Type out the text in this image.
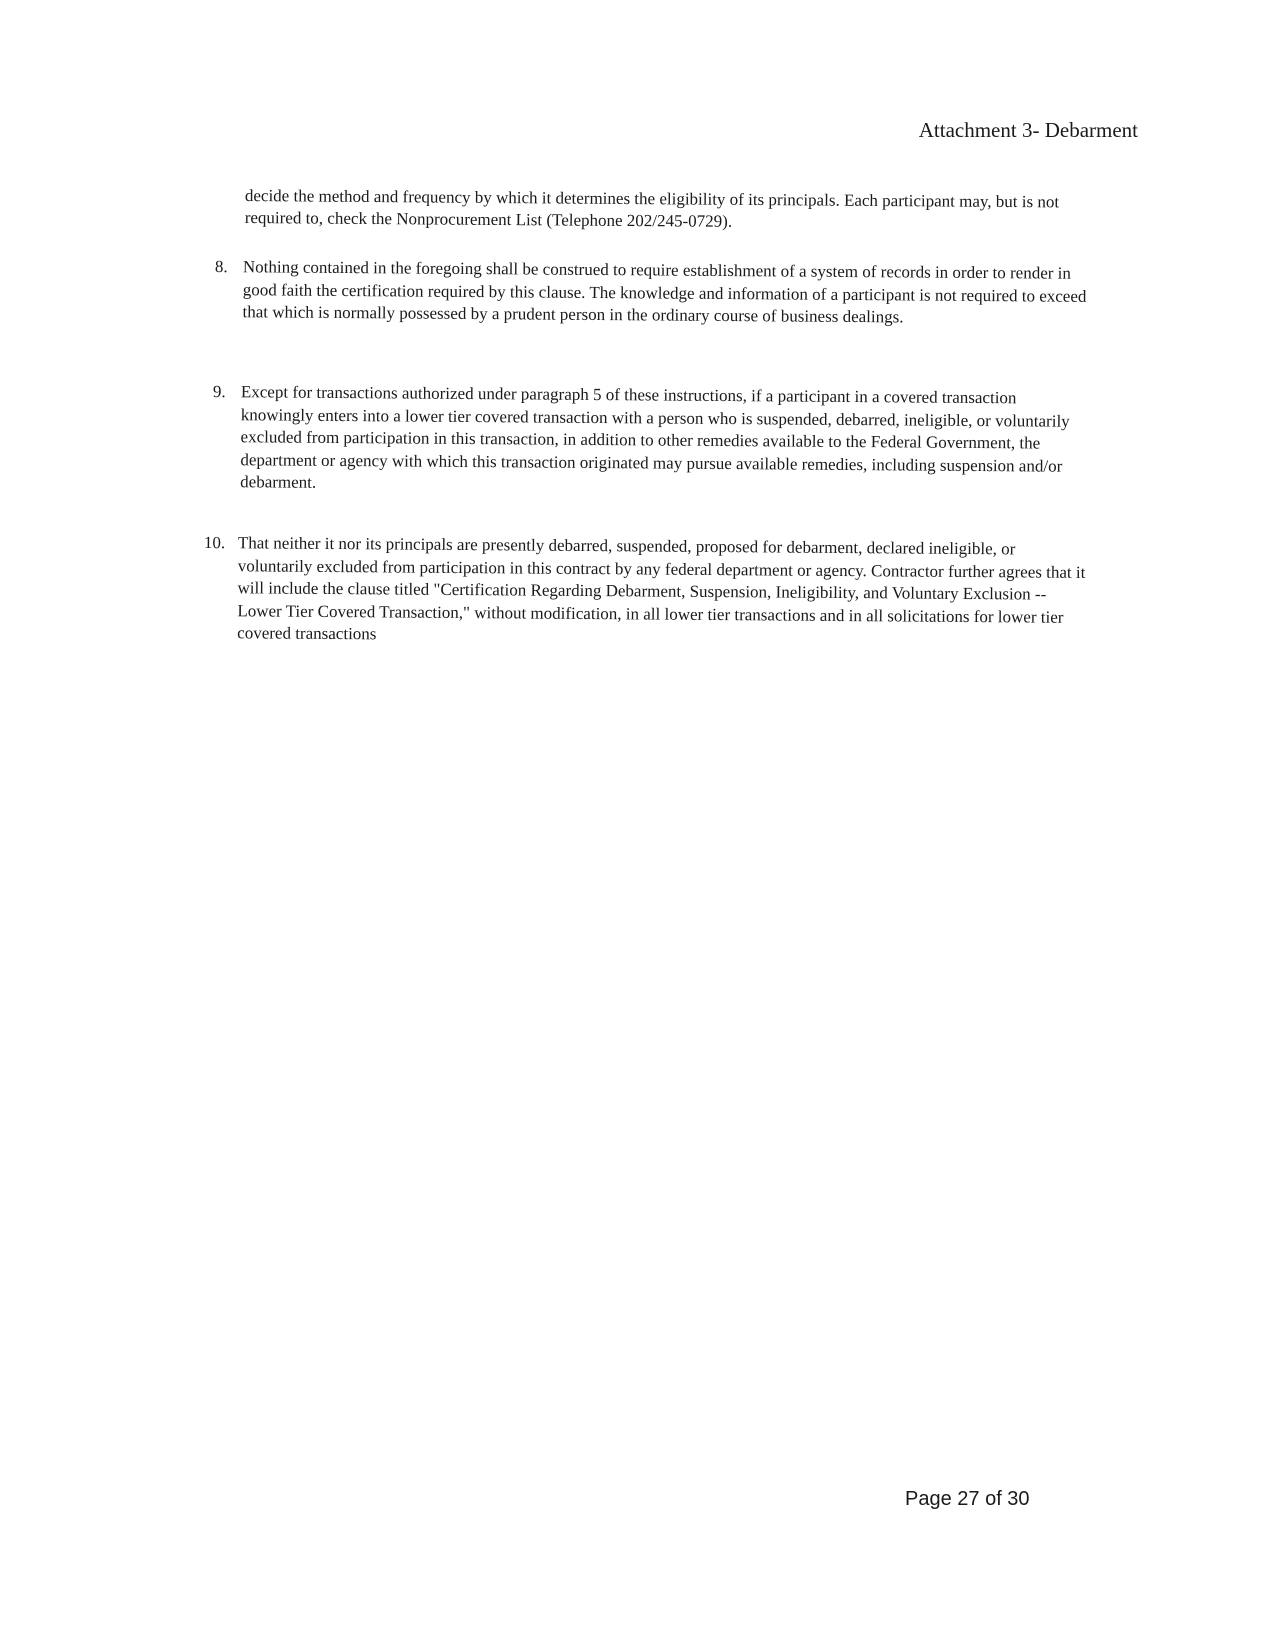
Attachment 3- Debarment
decide the method and frequency by which it determines the eligibility of its principals. Each participant may, but is not required to, check the Nonprocurement List (Telephone 202/245-0729).
8. Nothing contained in the foregoing shall be construed to require establishment of a system of records in order to render in good faith the certification required by this clause. The knowledge and information of a participant is not required to exceed that which is normally possessed by a prudent person in the ordinary course of business dealings.
9. Except for transactions authorized under paragraph 5 of these instructions, if a participant in a covered transaction knowingly enters into a lower tier covered transaction with a person who is suspended, debarred, ineligible, or voluntarily excluded from participation in this transaction, in addition to other remedies available to the Federal Government, the department or agency with which this transaction originated may pursue available remedies, including suspension and/or debarment.
10. That neither it nor its principals are presently debarred, suspended, proposed for debarment, declared ineligible, or voluntarily excluded from participation in this contract by any federal department or agency. Contractor further agrees that it will include the clause titled "Certification Regarding Debarment, Suspension, Ineligibility, and Voluntary Exclusion -- Lower Tier Covered Transaction," without modification, in all lower tier transactions and in all solicitations for lower tier covered transactions
Page 27 of 30
